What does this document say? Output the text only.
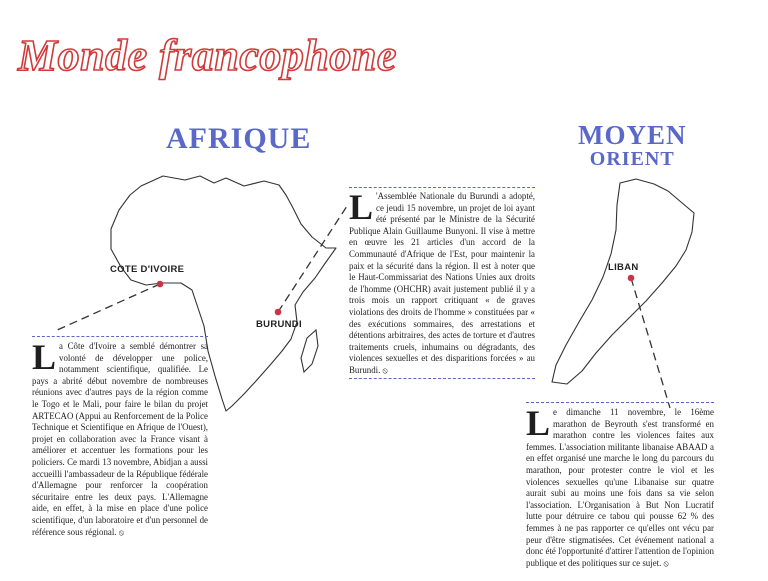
Monde francophone
AFRIQUE	MOYEN
ORIENT
COTE D'IVOIRE
BURUNDI
LIBAN
L a Côte d'Ivoire a semblé démontrer sa volonté de développer une police, notamment scientifique, qualifiée. Le pays a abrité début novembre de nombreuses réunions avec d'autres pays de la région comme le Togo et le Mali, pour faire le bilan du projet ARTECAO (Appui au Renforcement de la Police Technique et Scientifique en Afrique de l'Ouest), projet en collaboration avec la France visant à améliorer et accentuer les formations pour les policiers. Ce mardi 13 novembre, Abidjan a aussi accueilli l'ambassadeur de la République fédérale d'Allemagne pour renforcer la coopération sécuritaire entre les deux pays. L'Allemagne aide, en effet, à la mise en place d'une police scientifique, d'un laboratoire et d'un personnel de référence sous régional. ⦸
L 'Assemblée Nationale du Burundi a adopté, ce jeudi 15 novembre, un projet de loi ayant été présenté par le Ministre de la Sécurité Publique Alain Guillaume Bunyoni. Il vise à mettre en œuvre les 21 articles d'un accord de la Communauté d'Afrique de l'Est, pour maintenir la paix et la sécurité dans la région. Il est à noter que le Haut-Commissariat des Nations Unies aux droits de l'homme (OHCHR) avait justement publié il y a trois mois un rapport critiquant « de graves violations des droits de l'homme » constituées par « des exécutions sommaires, des arrestations et détentions arbitraires, des actes de torture et d'autres traitements cruels, inhumains ou dégradants, des violences sexuelles et des disparitions forcées » au Burundi. ⦸
L e dimanche 11 novembre, le 16ème marathon de Beyrouth s'est transformé en marathon contre les violences faites aux femmes. L'association militante libanaise ABAAD a en effet organisé une marche le long du parcours du marathon, pour protester contre le viol et les violences sexuelles qu'une Libanaise sur quatre aurait subi au moins une fois dans sa vie selon l'association. L'Organisation à But Non Lucratif lutte pour détruire ce tabou qui pousse 62 % des femmes à ne pas rapporter ce qu'elles ont vécu par peur d'être stigmatisées. Cet événement national a donc été l'opportunité d'attirer l'attention de l'opinion publique et des politiques sur ce sujet. ⦸
